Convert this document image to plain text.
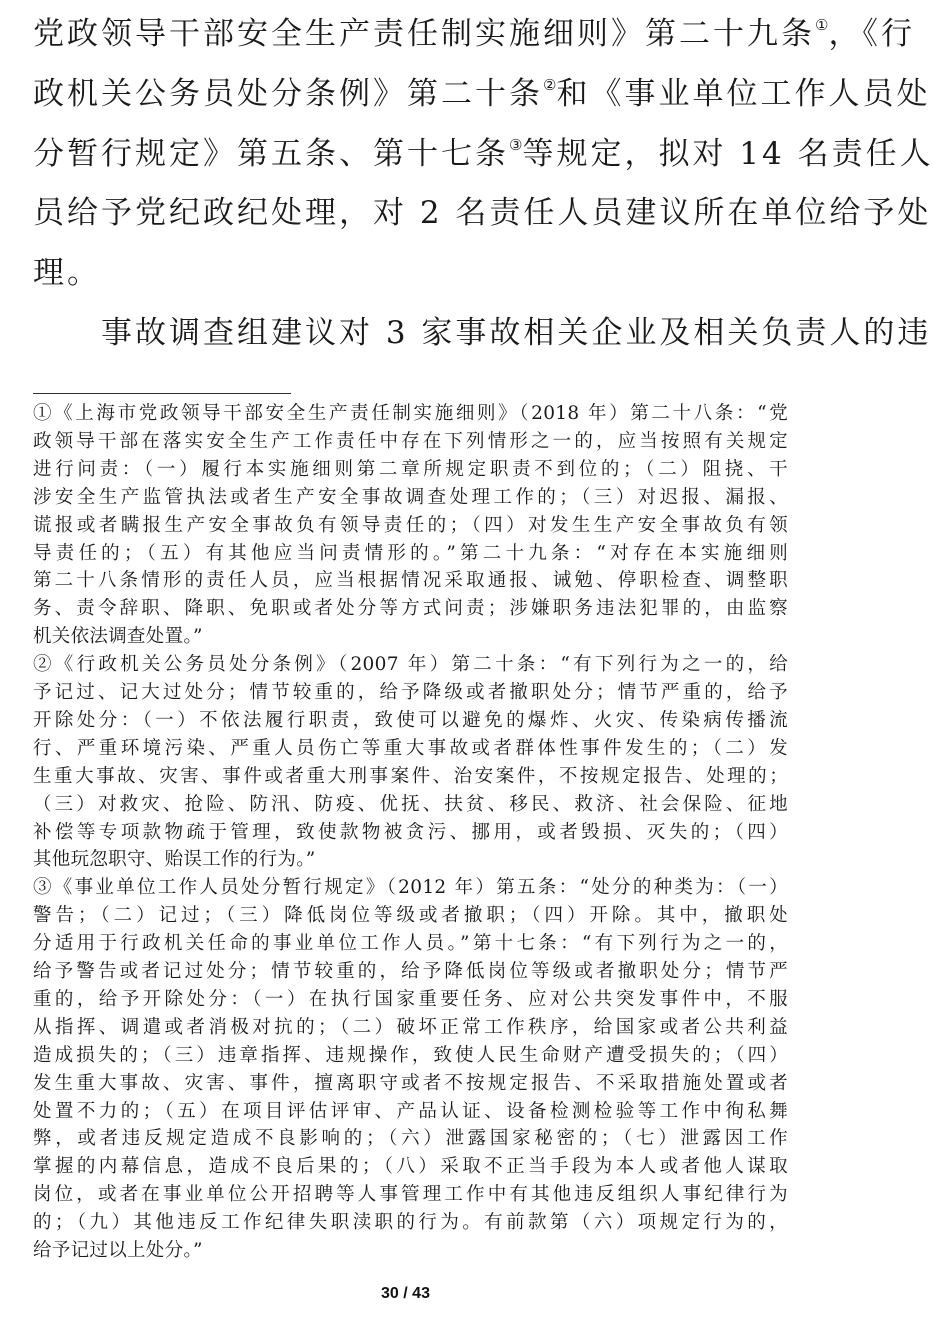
党政领导干部安全生产责任制实施细则》第二十九条①，《行

政机关公务员处分条例》第二十条②和《事业单位工作人员处

分暂行规定》第五条、第十七条③等规定，拟对 14 名责任人

员给予党纪政纪处理，对 2 名责任人员建议所在单位给予处

理。

　　事故调查组建议对 3 家事故相关企业及相关负责人的违

①《上海市党政领导干部安全生产责任制实施细则》（2018 年）第二十八条：“党

政领导干部在落实安全生产工作责任中存在下列情形之一的，应当按照有关规定

进行问责：（一）履行本实施细则第二章所规定职责不到位的；（二）阻挠、干

涉安全生产监管执法或者生产安全事故调查处理工作的；（三）对迟报、漏报、

谎报或者瞒报生产安全事故负有领导责任的；（四）对发生生产安全事故负有领

导责任的；（五）有其他应当问责情形的。”第二十九条：“对存在本实施细则

第二十八条情形的责任人员，应当根据情况采取通报、诫勉、停职检查、调整职

务、责令辞职、降职、免职或者处分等方式问责；涉嫌职务违法犯罪的，由监察

机关依法调查处置。”

②《行政机关公务员处分条例》（2007 年）第二十条：“有下列行为之一的，给

予记过、记大过处分；情节较重的，给予降级或者撤职处分；情节严重的，给予

开除处分：（一）不依法履行职责，致使可以避免的爆炸、火灾、传染病传播流

行、严重环境污染、严重人员伤亡等重大事故或者群体性事件发生的；（二）发

生重大事故、灾害、事件或者重大刑事案件、治安案件，不按规定报告、处理的；

（三）对救灾、抢险、防汛、防疫、优抚、扶贫、移民、救济、社会保险、征地

补偿等专项款物疏于管理，致使款物被贪污、挪用，或者毁损、灭失的；（四）

其他玩忽职守、贻误工作的行为。”

③《事业单位工作人员处分暂行规定》（2012 年）第五条：“处分的种类为：（一）

警告；（二）记过；（三）降低岗位等级或者撤职；（四）开除。其中，撤职处

分适用于行政机关任命的事业单位工作人员。”第十七条：“有下列行为之一的，

给予警告或者记过处分；情节较重的，给予降低岗位等级或者撤职处分；情节严

重的，给予开除处分：（一）在执行国家重要任务、应对公共突发事件中，不服

从指挥、调遣或者消极对抗的；（二）破坏正常工作秩序，给国家或者公共利益

造成损失的；（三）违章指挥、违规操作，致使人民生命财产遭受损失的；（四）

发生重大事故、灾害、事件，擅离职守或者不按规定报告、不采取措施处置或者

处置不力的；（五）在项目评估评审、产品认证、设备检测检验等工作中徇私舞

弊，或者违反规定造成不良影响的；（六）泄露国家秘密的；（七）泄露因工作

掌握的内幕信息，造成不良后果的；（八）采取不正当手段为本人或者他人谋取

岗位，或者在事业单位公开招聘等人事管理工作中有其他违反组织人事纪律行为

的；（九）其他违反工作纪律失职渎职的行为。有前款第（六）项规定行为的，

给予记过以上处分。”

30 / 43
